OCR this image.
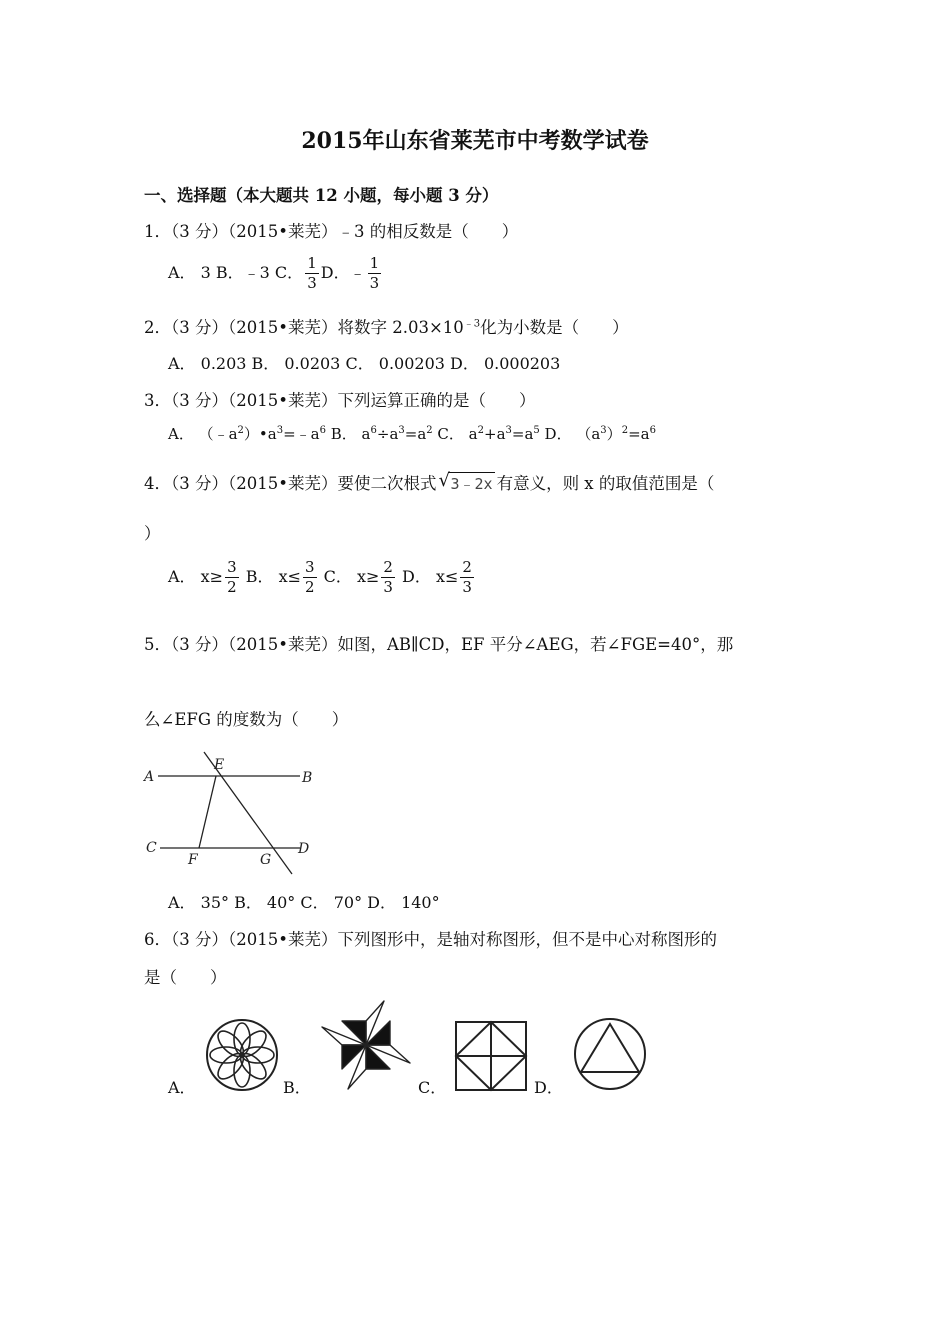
2015年山东省莱芜市中考数学试卷
一、选择题（本大题共 12 小题，每小题 3 分）
1．（3 分）（2015•莱芜）﹣3 的相反数是（　　）
A． 3 B．﹣3 C． $\frac{1}{3}$ D．﹣ $\frac{1}{3}$
2．（3 分）（2015•莱芜）将数字 $2.03\times 10^{﹣3}$化为小数是（　　）
A． 0.203 B． 0.0203 C． 0.00203 D． 0.000203
3．（3 分）（2015•莱芜）下列运算正确的是（　　）
A． $(﹣a^2)•a^3=﹣a^6$ B． $a^6\div a^3=a^2$ C． $a^2+a^3=a^5$ D． $(a^3)^2=a^6$
4．（3 分）（2015•莱芜）要使二次根式 √ 3﹣2x 有意义，则 x 的取值范围是（
）
A． $x\ge \frac{3}{2}$ B． $x\le \frac{3}{2}$ C． $x\ge \frac{2}{3}$ D． $x\le \frac{2}{3}$
5．（3 分）（2015•莱芜）如图，AB∥CD，EF 平分∠AEG，若∠FGE=40°，那
么∠EFG 的度数为（　　）
A
E
B
C
F	G
D
A． 35° B． 40° C． 70° D． 140°
6．（3 分）（2015•莱芜）下列图形中，是轴对称图形，但不是中心对称图形的
是（　　）
A．	B．	C．	D．
